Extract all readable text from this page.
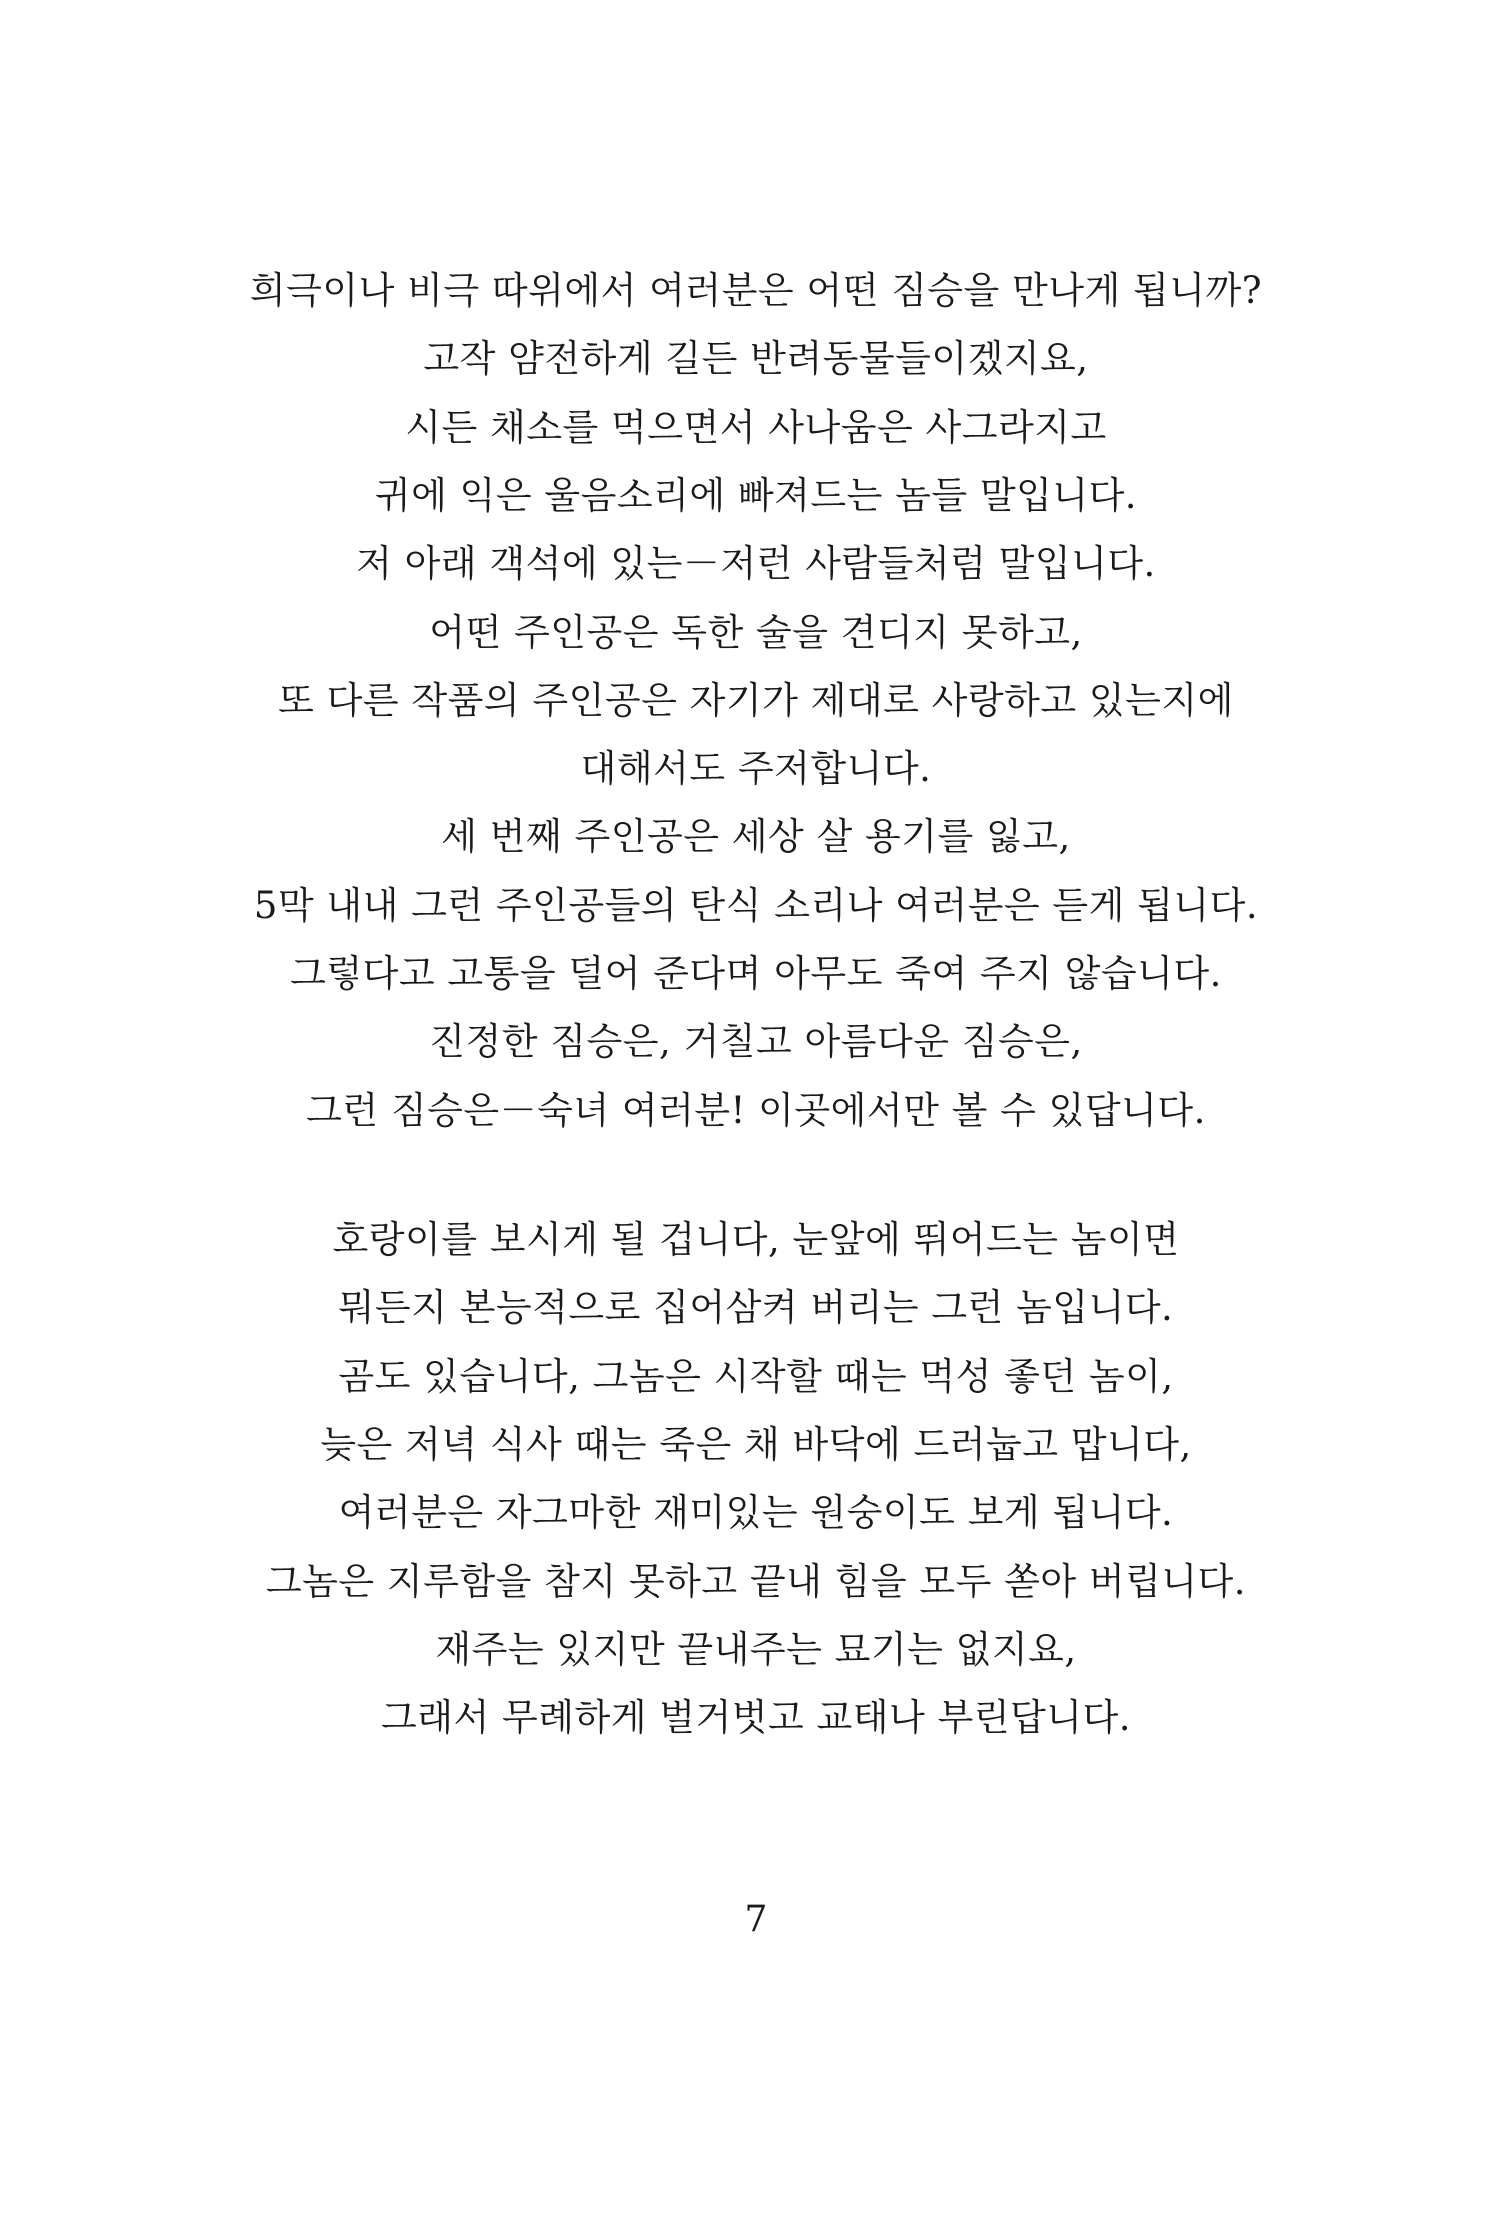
희극이나 비극 따위에서 여러분은 어떤 짐승을 만나게 됩니까?
고작 얌전하게 길든 반려동물들이겠지요,
시든 채소를 먹으면서 사나움은 사그라지고
귀에 익은 울음소리에 빠져드는 놈들 말입니다.
저 아래 객석에 있는－저런 사람들처럼 말입니다.
어떤 주인공은 독한 술을 견디지 못하고,
또 다른 작품의 주인공은 자기가 제대로 사랑하고 있는지에
대해서도 주저합니다.
세 번째 주인공은 세상 살 용기를 잃고,
5막 내내 그런 주인공들의 탄식 소리나 여러분은 듣게 됩니다.
그렇다고 고통을 덜어 준다며 아무도 죽여 주지 않습니다.
진정한 짐승은, 거칠고 아름다운 짐승은,
그런 짐승은－숙녀 여러분! 이곳에서만 볼 수 있답니다.
호랑이를 보시게 될 겁니다, 눈앞에 뛰어드는 놈이면
뭐든지 본능적으로 집어삼켜 버리는 그런 놈입니다.
곰도 있습니다, 그놈은 시작할 때는 먹성 좋던 놈이,
늦은 저녁 식사 때는 죽은 채 바닥에 드러눕고 맙니다,
여러분은 자그마한 재미있는 원숭이도 보게 됩니다.
그놈은 지루함을 참지 못하고 끝내 힘을 모두 쏟아 버립니다.
재주는 있지만 끝내주는 묘기는 없지요,
그래서 무례하게 벌거벗고 교태나 부린답니다.
7
